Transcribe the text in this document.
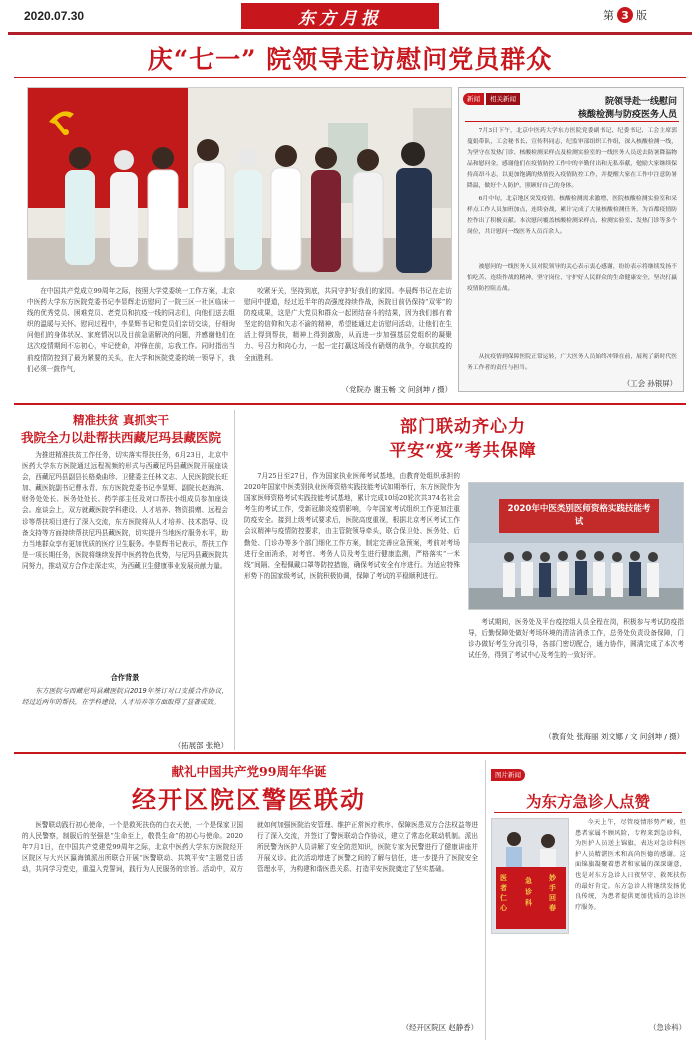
2020.07.30	东方月报	第 3 版
庆“七一” 院领导走访慰问党员群众
在中国共产党成立99周年之际，按照大学党委统一工作方案，北京中医药大学东方医院党委书记李显辉走访慰问了一院三区一社区临床一线的优秀党员、困难党员、老党员和抗疫一线的同志们，向他们送去组织的温暖与关怀。慰问过程中，李显辉书记和党员们亲切交谈，仔细询问他们的身体状况、家庭情况以及目前急需解决的问题，并感谢他们在这次疫情期间不忘初心，牢记使命，冲锋在前，忘我工作。同时指出当前疫情防控到了最为紧要的关头，在大学和医院党委的统一领导下，我们必须一鼓作气，
咬紧牙关，坚持到底，共同守护好我们的家园。李晨辉书记在走访慰问中提道，经过近半年的高强度持续作战，医院目前仍保持“双零”的防疫成果，这是广大党员和群众一起团结奋斗的结果，因为我们都有着坚定的信仰和矢志不渝的精神，希望能通过走访慰问活动，让他们在生活上得到帮扶，精神上得到激励，从而进一步加强基层党组织的凝聚力、号召力和向心力，一起一定打赢这场没有硝烟的战争，夺取抗疫的全面胜利。
（党院办 谢玉畅 文 问剑坤 / 摄）
新闻	相关新闻	院领导赴一线慰问
核酸检测与防疫医务人员
7月3日下午，北京中医药大学东方医院党委副书记、纪委书记、工会主席郭蔓娟带队，工会秘书长、宣传科同志，纪监审部组织工作组，深入核酸检测一线，为坚守在发热门诊、核酸检测采样点及检测实验室的一线医务人员送去防暑降温物品和慰问金，感谢他们在疫情防控工作中的辛勤付出和无私奉献，勉励大家继续保持高昂斗志，以更加饱满的热情投入疫情防控工作，并提醒大家在工作中注意防暑降温，做好个人防护，照顾好自己的身体。
6月中旬，北京地区突发疫情，核酸检测需求激增，医院核酸检测实验室和采样点工作人员加班加点，连续奋战，累计完成了大量核酸检测任务，为首都疫情防控作出了积极贡献。本次慰问覆盖核酸检测采样点、检测实验室、发热门诊等多个岗位，共计慰问一线医务人员百余人。
被慰问的一线医务人员对院领导的关心表示衷心感谢，纷纷表示将继续发扬不怕吃苦、连续作战的精神，坚守岗位，守护好人民群众的生命健康安全，坚决打赢疫情防控阻击战。
从抗疫情到保障医院正常运转，广大医务人员始终冲锋在前，展现了新时代医务工作者的责任与担当。
（工会 孙银屏）
精准扶贫 真抓实干
我院全力以赴帮扶西藏尼玛县藏医院
为推进精准扶贫工作任务，切实落实帮扶任务，6月23日，北京中医药大学东方医院通过远程视频的形式与西藏尼玛县藏医院开展座谈会，西藏尼玛县副县长格桑曲珍、卫健委主任林文志、人民医院院长旺加、藏医院副书记曹永青、东方医院党委书记李显辉、副院长赵海滨、财务处处长、医务处处长、药学部主任及对口帮扶小组成员参加座谈会。座谈会上，双方就藏医院学科建设、人才培养、物资捐赠、远程会诊等帮扶项目进行了深入交流，东方医院将从人才培养、技术指导、设备支持等方面持续帮扶尼玛县藏医院，切实提升当地医疗服务水平，助力当地群众享有更加优质的医疗卫生服务。李显辉书记表示，帮扶工作是一项长期任务，医院将继续发挥中医药特色优势，与尼玛县藏医院共同努力，推动双方合作走深走实，为西藏卫生健康事业发展贡献力量。
合作背景
东方医院与西藏尼玛县藏医院自2019年签订对口支援合作协议，经过近两年的帮扶，在学科建设、人才培养等方面取得了显著成效。
（拓展部 张艳）
部门联动齐心力
平安“疫”考共保障
7月25日至27日，作为国家执业医师考试基地，由教育处组织承担的2020年国家中医类别执业医师资格实践技能考试如期举行，东方医院作为国家医师资格考试实践技能考试基地，累计完成10场20轮次共374名社会考生的考试工作，受新冠肺炎疫情影响，今年国家考试组织工作更加注重防疫安全。接到上级考试要求后，医院高度重视，根据北京考区考试工作会议精神与疫情防控要求，由主管院领导牵头，联合保卫处、医务处、后勤处、门诊办等多个部门细化工作方案，制定完善应急预案，考前对考场进行全面消杀，对考官、考务人员及考生进行健康监测，严格落实“一米线”间隔、全程佩戴口罩等防控措施，确保考试安全有序进行。为适应特殊形势下的国家级考试，医院积极协调，保障了考试的平稳顺利进行。
2020年中医类别医师资格实践技能考试
考试期间，医务处及平台疫控组人员全程在岗，积极参与考试防疫指导，后勤保障处做好考场环境的清洁消杀工作，总务处负责设备保障，门诊办做好考生分流引导，各部门密切配合，通力协作，圆满完成了本次考试任务，得到了考试中心及考生的一致好评。
（教育处 张海丽 刘文娜 / 文 问剑坤 / 摄）
献礼中国共产党99周年华诞
经开区院区警医联动
医警联动践行初心使命，一个是救死扶伤的白衣天使，一个是保家卫国的人民警察，制服后的坚强是“生命至上，敬畏生命”的初心与使命。2020年7月1日，在中国共产党建党99周年之际，北京中医药大学东方医院经开区院区与大兴区瀛海镇派出所联合开展“医警联动、共筑平安”主题党日活动，共同学习党史，重温入党誓词，践行为人民服务的宗旨。活动中，双方就如何加强医院治安管理、维护正常医疗秩序、保障医患双方合法权益等进行了深入交流，并签订了警医联动合作协议，建立了常态化联动机制。派出所民警为医护人员讲解了安全防范知识，医院专家为民警进行了健康讲座并开展义诊。此次活动增进了医警之间的了解与信任，进一步提升了医院安全管理水平，为构建和谐医患关系、打造平安医院奠定了坚实基础。
（经开区院区 赵静香）
图片新闻
为东方急诊人点赞
医者仁心
急诊科
妙手回春
今天上午，尽管疫情形势严峻，但患者家属不顾风险，专程来到急诊科，为医护人员送上锦旗，表达对急诊科医护人员精湛医术和高尚医德的感谢。这面锦旗凝聚着患者和家属的深深谢意，也是对东方急诊人日夜坚守、救死扶伤的最好肯定。东方急诊人将继续发扬优良传统，为患者提供更加优质的急诊医疗服务。
（急诊科）
